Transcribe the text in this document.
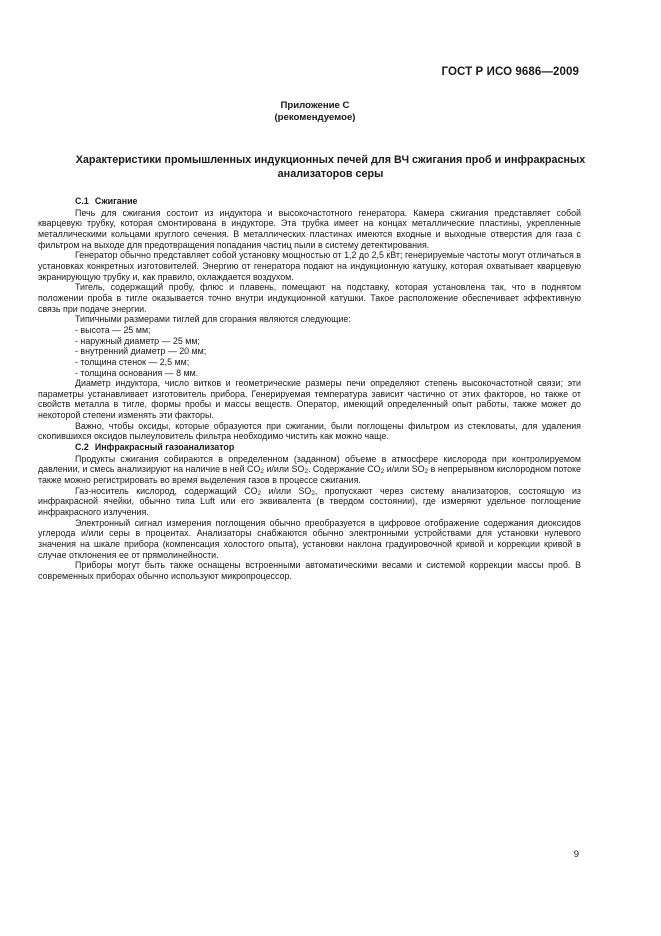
ГОСТ Р ИСО 9686—2009
Приложение С
(рекомендуемое)
Характеристики промышленных индукционных печей для ВЧ сжигания проб и инфракрасных
анализаторов серы
С.1 Сжигание

Печь для сжигания состоит из индуктора и высокочастотного генератора. Камера сжигания представляет собой кварцевую трубку, которая смонтирована в индукторе. Эта трубка имеет на концах металлические пластины, укрепленные металлическими кольцами круглого сечения. В металлических пластинах имеются входные и выходные отверстия для газа с фильтром на выходе для предотвращения попадания частиц пыли в систему детектирования.

Генератор обычно представляет собой установку мощностью от 1,2 до 2,5 кВт; генерируемые частоты могут отличаться в установках конкретных изготовителей. Энергию от генератора подают на индукционную катушку, которая охватывает кварцевую экранирующую трубку и, как правило, охлаждается воздухом.

Тигель, содержащий пробу, флюс и плавень, помещают на подставку, которая установлена так, что в поднятом положении проба в тигле оказывается точно внутри индукционной катушки. Такое расположение обеспечивает эффективную связь при подаче энергии.

Типичными размерами тиглей для сгорания являются следующие:

- высота — 25 мм;
- наружный диаметр — 25 мм;
- внутренний диаметр — 20 мм;
- толщина стенок — 2,5 мм;
- толщина основания — 8 мм.

Диаметр индуктора, число витков и геометрические размеры печи определяют степень высокочастотной связи; эти параметры устанавливает изготовитель прибора. Генерируемая температура зависит частично от этих факторов, но также от свойств металла в тигле, формы пробы и массы веществ. Оператор, имеющий определенный опыт работы, также может до некоторой степени изменять эти факторы.

Важно, чтобы оксиды, которые образуются при сжигании, были поглощены фильтром из стекловаты, для удаления скопившихся оксидов пылеуловитель фильтра необходимо чистить как можно чаще.

С.2 Инфракрасный газоанализатор

Продукты сжигания собираются в определенном (заданном) объеме в атмосфере кислорода при контролируемом давлении, и смесь анализируют на наличие в ней $CO_2$ и/или $SO_2$. Содержание $CO_2$ и/или $SO_2$ в непрерывном кислородном потоке также можно регистрировать во время выделения газов в процессе сжигания.

Газ-носитель кислород, содержащий $CO_2$ и/или $SO_2$, пропускают через систему анализаторов, состоящую из инфракрасной ячейки, обычно типа Luft или его эквивалента (в твердом состоянии), где измеряют удельное поглощение инфракрасного излучения.

Электронный сигнал измерения поглощения обычно преобразуется в цифровое отображение содержания диоксидов углерода и/или серы в процентах. Анализаторы снабжаются обычно электронными устройствами для установки нулевого значения на шкале прибора (компенсация холостого опыта), установки наклона градуировочной кривой и коррекции кривой в случае отклонения ее от прямолинейности.

Приборы могут быть также оснащены встроенными автоматическими весами и системой коррекции массы проб. В современных приборах обычно используют микропроцессор.

9
